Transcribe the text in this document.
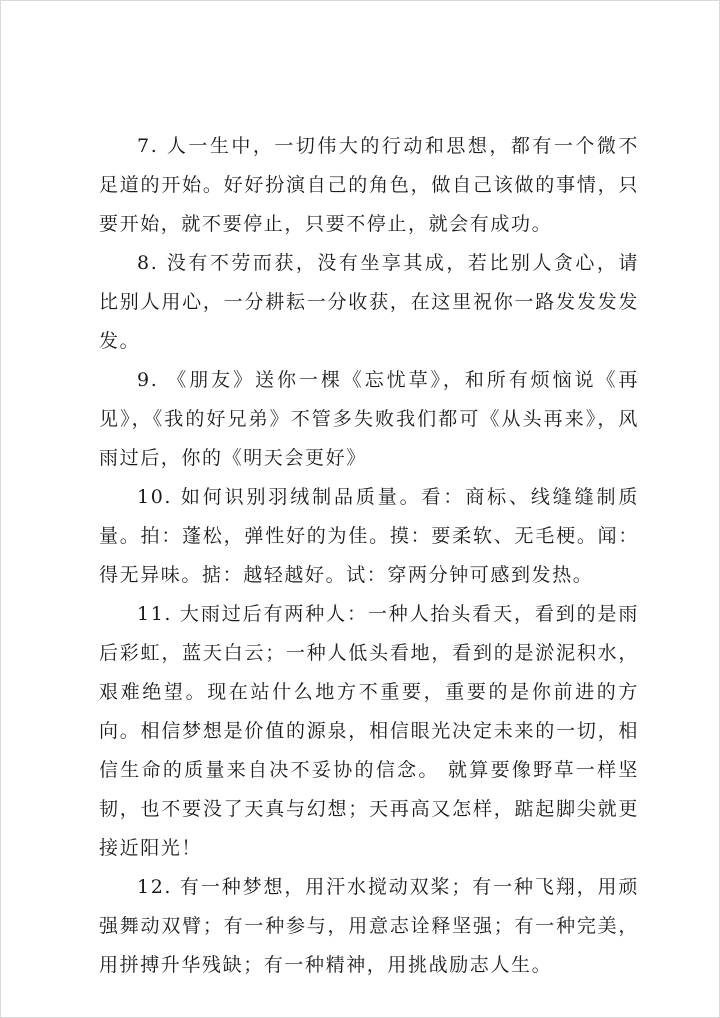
7. 人一生中，一切伟大的行动和思想，都有一个微不足道的开始。好好扮演自己的角色，做自己该做的事情，只要开始，就不要停止，只要不停止，就会有成功。

8. 没有不劳而获，没有坐享其成，若比别人贪心，请比别人用心，一分耕耘一分收获，在这里祝你一路发发发发发。

9. 《朋友》送你一棵《忘忧草》，和所有烦恼说《再见》，《我的好兄弟》不管多失败我们都可《从头再来》，风雨过后，你的《明天会更好》

10. 如何识别羽绒制品质量。看：商标、线缝缝制质量。拍：蓬松，弹性好的为佳。摸：要柔软、无毛梗。闻：得无异味。掂：越轻越好。试：穿两分钟可感到发热。

11. 大雨过后有两种人：一种人抬头看天，看到的是雨后彩虹，蓝天白云；一种人低头看地，看到的是淤泥积水，艰难绝望。现在站什么地方不重要，重要的是你前进的方向。相信梦想是价值的源泉，相信眼光决定未来的一切，相信生命的质量来自决不妥协的信念。 就算要像野草一样坚韧，也不要没了天真与幻想；天再高又怎样，踮起脚尖就更接近阳光！

12. 有一种梦想，用汗水搅动双桨；有一种飞翔，用顽强舞动双臂；有一种参与，用意志诠释坚强；有一种完美，用拼搏升华残缺；有一种精神，用挑战励志人生。
